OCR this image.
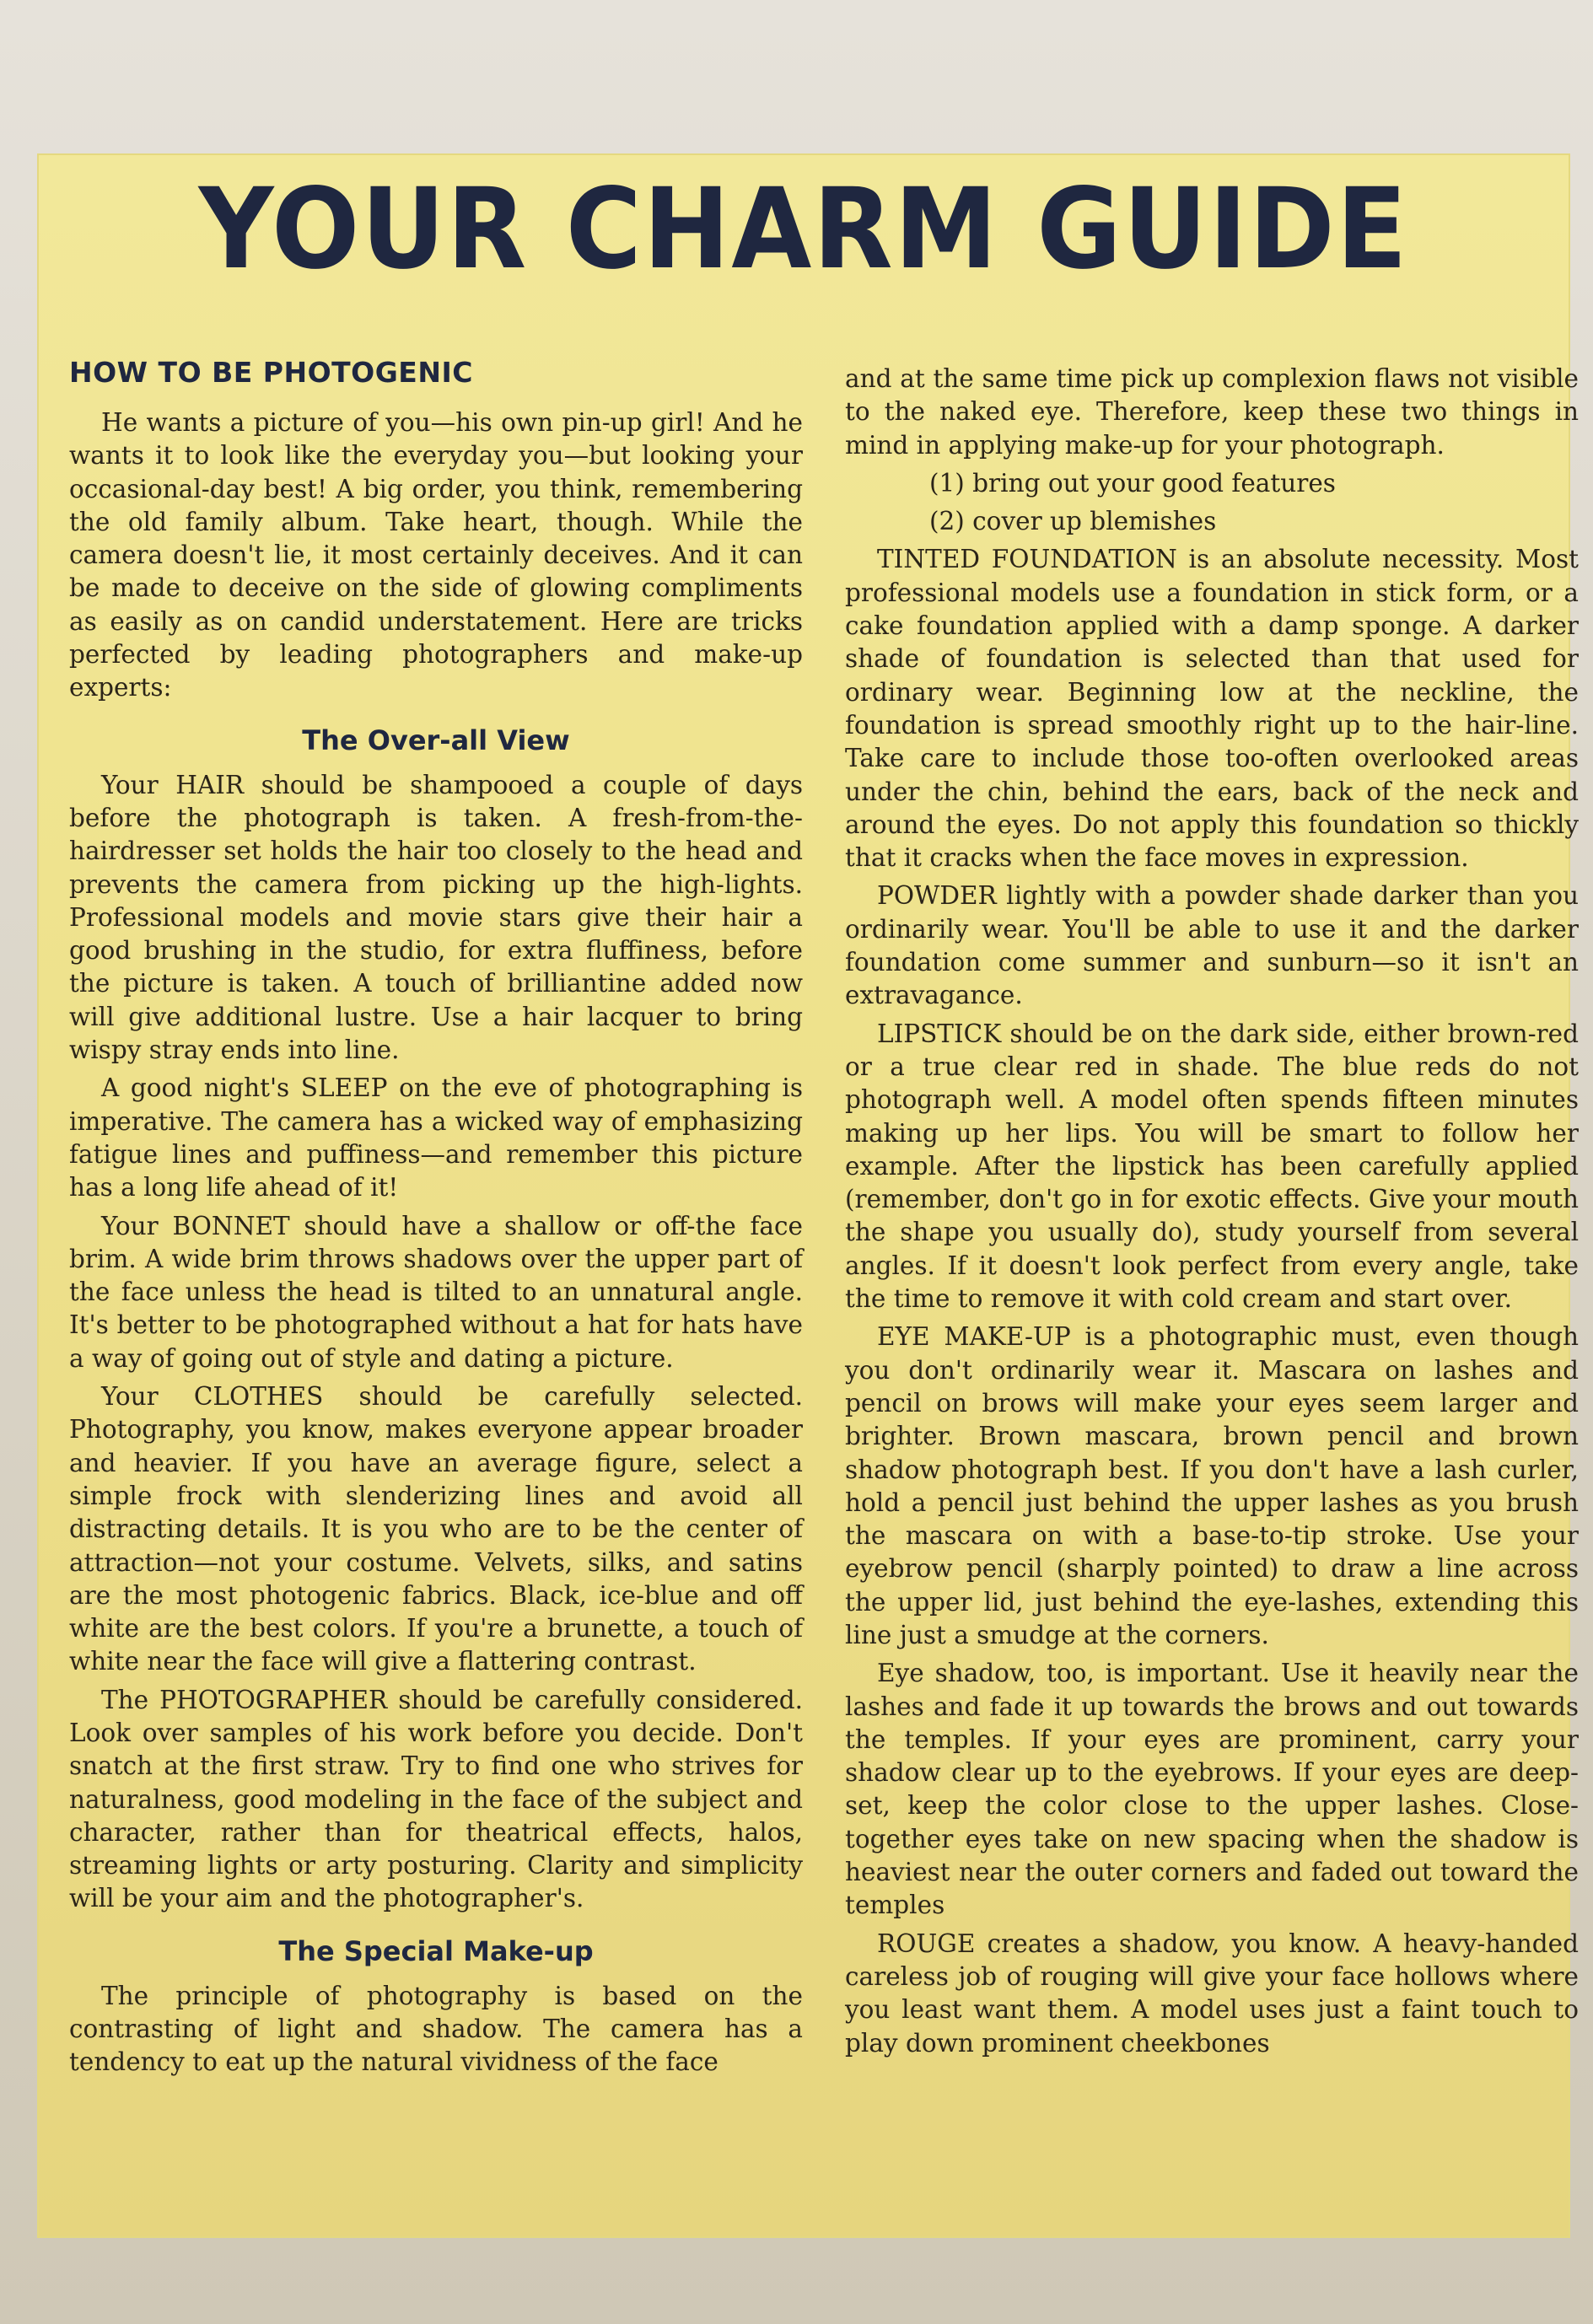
YOUR CHARM GUIDE
HOW TO BE PHOTOGENIC

He wants a picture of you—his own pin-up girl! And he wants it to look like the everyday you—but looking your occasional-day best! A big order, you think, remembering the old family album. Take heart, though. While the camera doesn't lie, it most certainly deceives. And it can be made to deceive on the side of glowing compliments as easily as on candid understatement. Here are tricks perfected by leading photographers and make-up experts:

The Over-all View

Your HAIR should be shampooed a couple of days before the photograph is taken. A fresh-from-the-hairdresser set holds the hair too closely to the head and prevents the camera from picking up the high-lights. Professional models and movie stars give their hair a good brushing in the studio, for extra fluffiness, before the picture is taken. A touch of brilliantine added now will give additional lustre. Use a hair lacquer to bring wispy stray ends into line.

A good night's SLEEP on the eve of photographing is imperative. The camera has a wicked way of emphasizing fatigue lines and puffiness—and remember this picture has a long life ahead of it!

Your BONNET should have a shallow or off-the face brim. A wide brim throws shadows over the upper part of the face unless the head is tilted to an unnatural angle. It's better to be photographed without a hat for hats have a way of going out of style and dating a picture.

Your CLOTHES should be carefully selected. Photography, you know, makes everyone appear broader and heavier. If you have an average figure, select a simple frock with slenderizing lines and avoid all distracting details. It is you who are to be the center of attraction—not your costume. Velvets, silks, and satins are the most photogenic fabrics. Black, ice-blue and off white are the best colors. If you're a brunette, a touch of white near the face will give a flattering contrast.

The PHOTOGRAPHER should be carefully considered. Look over samples of his work before you decide. Don't snatch at the first straw. Try to find one who strives for naturalness, good modeling in the face of the subject and character, rather than for theatrical effects, halos, streaming lights or arty posturing. Clarity and simplicity will be your aim and the photographer's.

The Special Make-up

The principle of photography is based on the contrasting of light and shadow. The camera has a tendency to eat up the natural vividness of the face

and at the same time pick up complexion flaws not visible to the naked eye. Therefore, keep these two things in mind in applying make-up for your photograph.

(1) bring out your good features

(2) cover up blemishes

TINTED FOUNDATION is an absolute necessity. Most professional models use a foundation in stick form, or a cake foundation applied with a damp sponge. A darker shade of foundation is selected than that used for ordinary wear. Beginning low at the neckline, the foundation is spread smoothly right up to the hair-line. Take care to include those too-often overlooked areas under the chin, behind the ears, back of the neck and around the eyes. Do not apply this foundation so thickly that it cracks when the face moves in expression.

POWDER lightly with a powder shade darker than you ordinarily wear. You'll be able to use it and the darker foundation come summer and sunburn—so it isn't an extravagance.

LIPSTICK should be on the dark side, either brown-red or a true clear red in shade. The blue reds do not photograph well. A model often spends fifteen minutes making up her lips. You will be smart to follow her example. After the lipstick has been carefully applied (remember, don't go in for exotic effects. Give your mouth the shape you usually do), study yourself from several angles. If it doesn't look perfect from every angle, take the time to remove it with cold cream and start over.

EYE MAKE-UP is a photographic must, even though you don't ordinarily wear it. Mascara on lashes and pencil on brows will make your eyes seem larger and brighter. Brown mascara, brown pencil and brown shadow photograph best. If you don't have a lash curler, hold a pencil just behind the upper lashes as you brush the mascara on with a base-to-tip stroke. Use your eyebrow pencil (sharply pointed) to draw a line across the upper lid, just behind the eye-lashes, extending this line just a smudge at the corners.

Eye shadow, too, is important. Use it heavily near the lashes and fade it up towards the brows and out towards the temples. If your eyes are prominent, carry your shadow clear up to the eyebrows. If your eyes are deep-set, keep the color close to the upper lashes. Close-together eyes take on new spacing when the shadow is heaviest near the outer corners and faded out toward the temples

ROUGE creates a shadow, you know. A heavy-handed careless job of rouging will give your face hollows where you least want them. A model uses just a faint touch to play down prominent cheekbones
